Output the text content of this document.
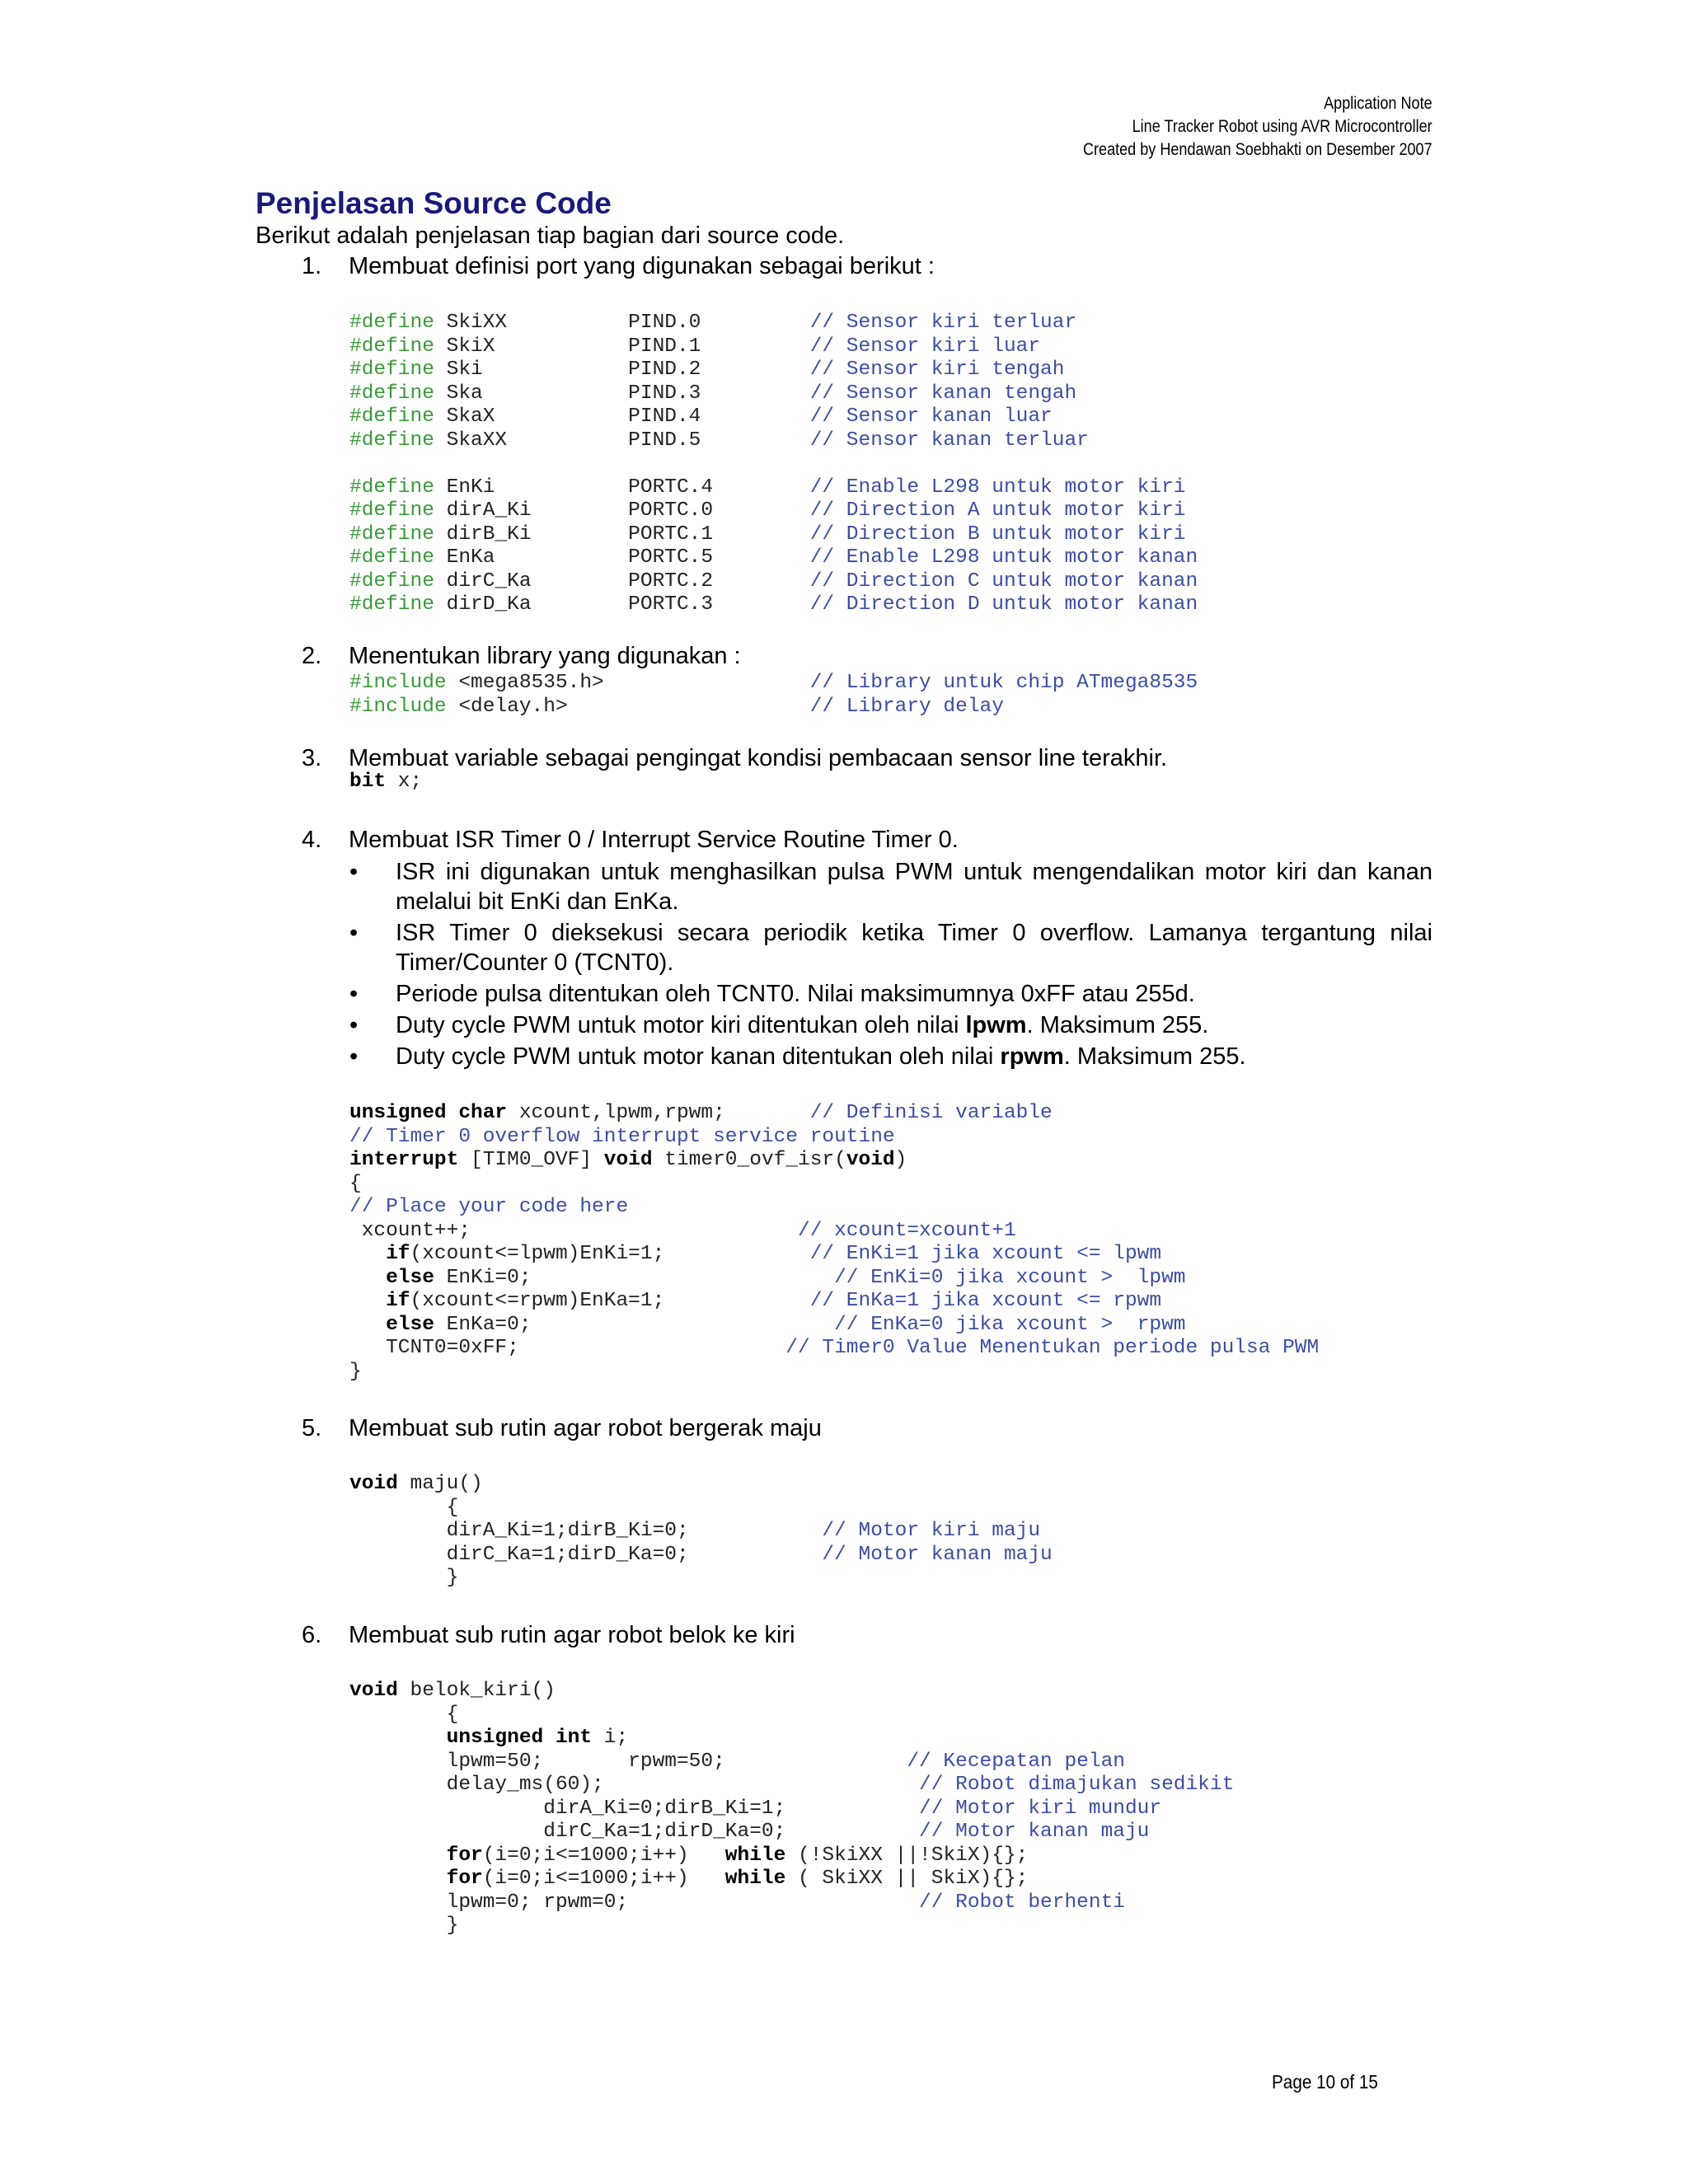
Application Note
Line Tracker Robot using AVR Microcontroller
Created by Hendawan Soebhakti on Desember 2007
Penjelasan Source Code
Berikut adalah penjelasan tiap bagian dari source code.
1.	Membuat definisi port yang digunakan sebagai berikut :
#define SkiXX          PIND.0         // Sensor kiri terluar
#define SkiX           PIND.1         // Sensor kiri luar
#define Ski            PIND.2         // Sensor kiri tengah
#define Ska            PIND.3         // Sensor kanan tengah
#define SkaX           PIND.4         // Sensor kanan luar
#define SkaXX          PIND.5         // Sensor kanan terluar

#define EnKi           PORTC.4        // Enable L298 untuk motor kiri
#define dirA_Ki        PORTC.0        // Direction A untuk motor kiri
#define dirB_Ki        PORTC.1        // Direction B untuk motor kiri
#define EnKa           PORTC.5        // Enable L298 untuk motor kanan
#define dirC_Ka        PORTC.2        // Direction C untuk motor kanan
#define dirD_Ka        PORTC.3        // Direction D untuk motor kanan
2.	Menentukan library yang digunakan :
#include <mega8535.h>                 // Library untuk chip ATmega8535
#include <delay.h>                    // Library delay
3.	Membuat variable sebagai pengingat kondisi pembacaan sensor line terakhir.
bit x;
4.	Membuat ISR Timer 0 / Interrupt Service Routine Timer 0.
• ISR ini digunakan untuk menghasilkan pulsa PWM untuk mengendalikan motor kiri dan kanan melalui bit EnKi dan EnKa.
• ISR Timer 0 dieksekusi secara periodik ketika Timer 0 overflow. Lamanya tergantung nilai Timer/Counter 0 (TCNT0).
• Periode pulsa ditentukan oleh TCNT0. Nilai maksimumnya 0xFF atau 255d.
• Duty cycle PWM untuk motor kiri ditentukan oleh nilai lpwm. Maksimum 255.
• Duty cycle PWM untuk motor kanan ditentukan oleh nilai rpwm. Maksimum 255.
unsigned char xcount,lpwm,rpwm;       // Definisi variable
// Timer 0 overflow interrupt service routine
interrupt [TIM0_OVF] void timer0_ovf_isr(void)
{
// Place your code here
xcount++;                           // xcount=xcount+1
if(xcount<=lpwm)EnKi=1;            // EnKi=1 jika xcount <= lpwm
else EnKi=0;                         // EnKi=0 jika xcount >  lpwm
if(xcount<=rpwm)EnKa=1;            // EnKa=1 jika xcount <= rpwm
else EnKa=0;                         // EnKa=0 jika xcount >  rpwm
TCNT0=0xFF;                      // Timer0 Value Menentukan periode pulsa PWM
}
5.	Membuat sub rutin agar robot bergerak maju
void maju()
{
dirA_Ki=1;dirB_Ki=0;           // Motor kiri maju
dirC_Ka=1;dirD_Ka=0;           // Motor kanan maju
}
6.	Membuat sub rutin agar robot belok ke kiri
void belok_kiri()
{
unsigned int i;
lpwm=50;       rpwm=50;               // Kecepatan pelan
delay_ms(60);                          // Robot dimajukan sedikit
dirA_Ki=0;dirB_Ki=1;           // Motor kiri mundur
dirC_Ka=1;dirD_Ka=0;           // Motor kanan maju
for(i=0;i<=1000;i++)   while (!SkiXX ||!SkiX){};
for(i=0;i<=1000;i++)   while ( SkiXX || SkiX){};
lpwm=0; rpwm=0;                        // Robot berhenti
}
Page 10 of 15
